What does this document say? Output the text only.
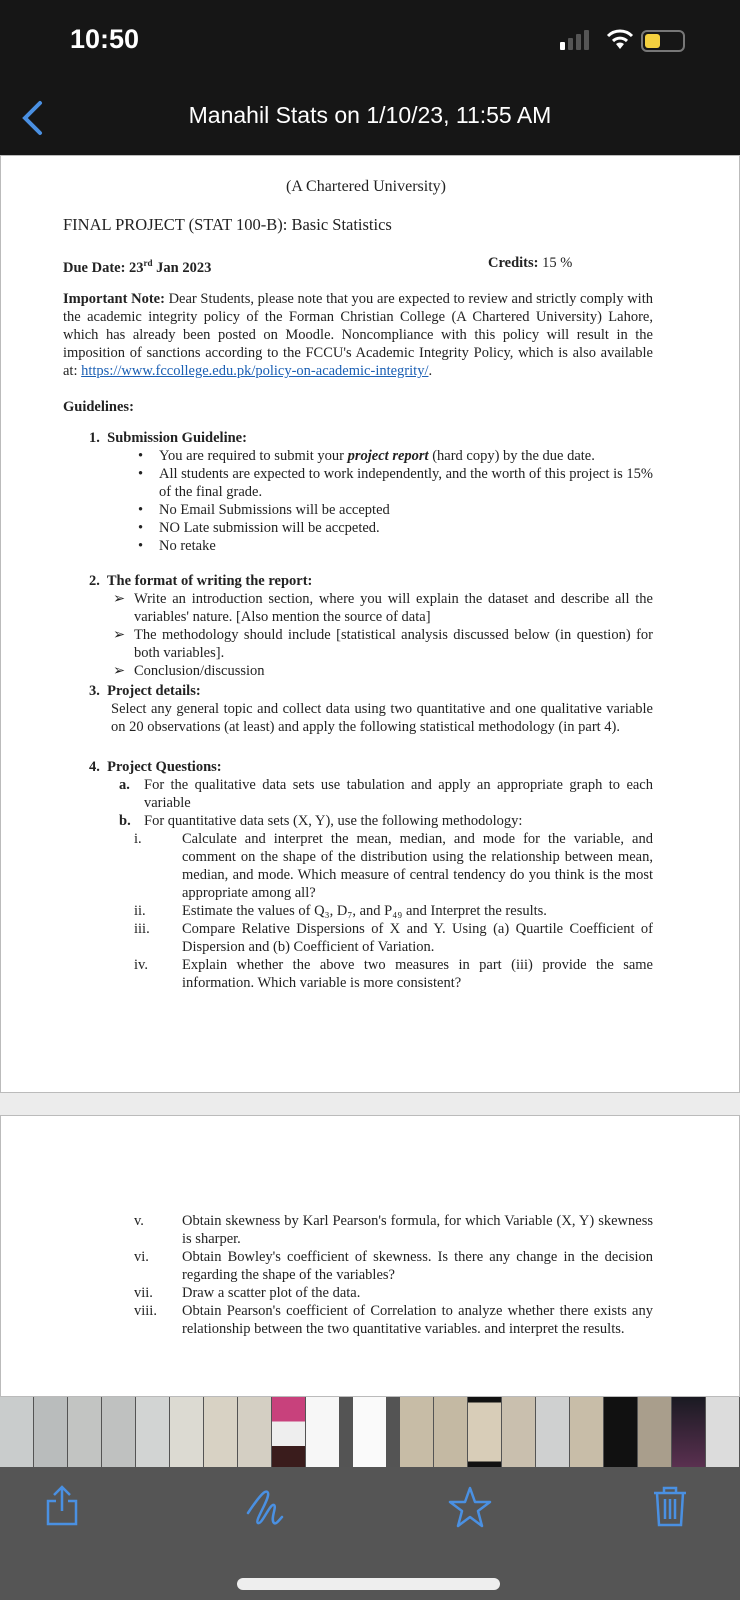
10:50
Manahil Stats on 1/10/23, 11:55 AM
(A Chartered University)
FINAL PROJECT (STAT 100-B): Basic Statistics
Due Date: 23rd Jan 2023	Credits: 15 %
Important Note: Dear Students, please note that you are expected to review and strictly comply with the academic integrity policy of the Forman Christian College (A Chartered University) Lahore, which has already been posted on Moodle. Noncompliance with this policy will result in the imposition of sanctions according to the FCCU's Academic Integrity Policy, which is also available at: https://www.fccollege.edu.pk/policy-on-academic-integrity/.
Guidelines:
1.  Submission Guideline:
• You are required to submit your project report (hard copy) by the due date.
• All students are expected to work independently, and the worth of this project is 15% of the final grade.
• No Email Submissions will be accepted
• NO Late submission will be accpeted.
• No retake
2.  The format of writing the report:
➢ Write an introduction section, where you will explain the dataset and describe all the variables' nature. [Also mention the source of data]
➢ The methodology should include [statistical analysis discussed below (in question) for both variables].
➢ Conclusion/discussion
3.  Project details:
Select any general topic and collect data using two quantitative and one qualitative variable on 20 observations (at least) and apply the following statistical methodology (in part 4).
4.  Project Questions:
a. For the qualitative data sets use tabulation and apply an appropriate graph to each variable
b. For quantitative data sets (X, Y), use the following methodology:
i.	Calculate and interpret the mean, median, and mode for the variable, and comment on the shape of the distribution using the relationship between mean, median, and mode. Which measure of central tendency do you think is the most appropriate among all?
ii.	Estimate the values of Q₃, D₇, and P₄₉ and Interpret the results.
iii. Compare Relative Dispersions of X and Y. Using (a) Quartile Coefficient of Dispersion and (b) Coefficient of Variation.
iv. Explain whether the above two measures in part (iii) provide the same information. Which variable is more consistent?
v.	Obtain skewness by Karl Pearson's formula, for which Variable (X, Y) skewness is sharper.
vi. Obtain Bowley's coefficient of skewness. Is there any change in the decision regarding the shape of the variables?
vii. Draw a scatter plot of the data.
viii. Obtain Pearson's coefficient of Correlation to analyze whether there exists any relationship between the two quantitative variables. and interpret the results.
